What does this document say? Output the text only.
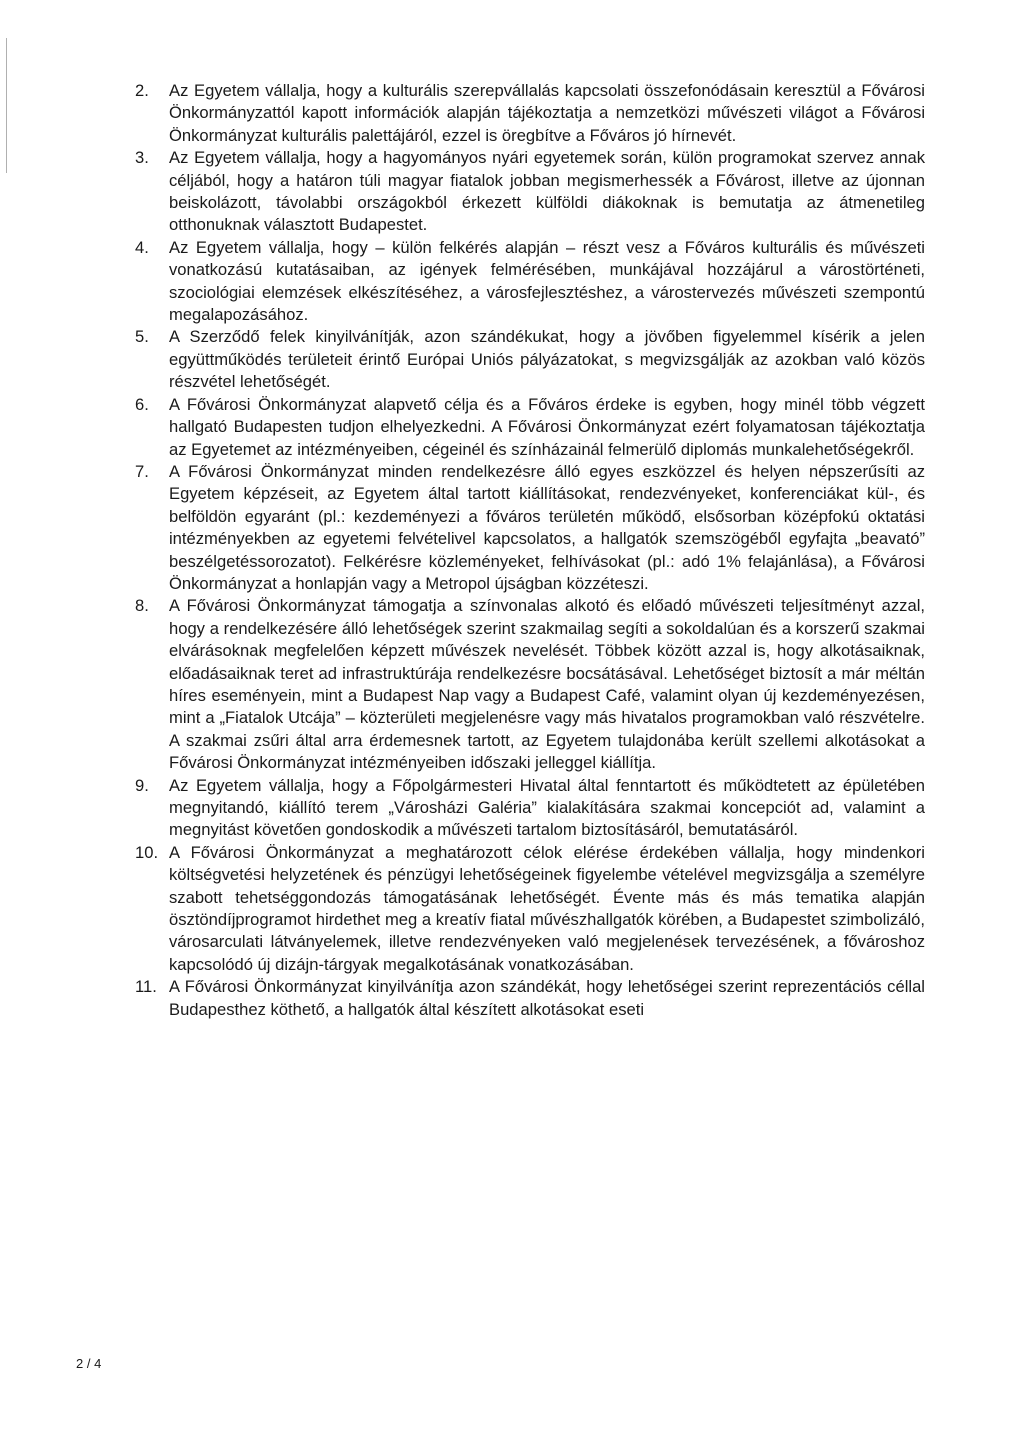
2.	Az Egyetem vállalja, hogy a kulturális szerepvállalás kapcsolati összefonódásain keresztül a Fővárosi Önkormányzattól kapott információk alapján tájékoztatja a nemzetközi művészeti világot a Fővárosi Önkormányzat kulturális palettájáról, ezzel is öregbítve a Főváros jó hírnevét.
3.	Az Egyetem vállalja, hogy a hagyományos nyári egyetemek során, külön programokat szervez annak céljából, hogy a határon túli magyar fiatalok jobban megismerhessék a Fővárost, illetve az újonnan beiskolázott, távolabbi országokból érkezett külföldi diákoknak is bemutatja az átmenetileg otthonuknak választott Budapestet.
4.	Az Egyetem vállalja, hogy – külön felkérés alapján – részt vesz a Főváros kulturális és művészeti vonatkozású kutatásaiban, az igények felmérésében, munkájával hozzájárul a várostörténeti, szociológiai elemzések elkészítéséhez, a városfejlesztéshez, a várostervezés művészeti szempontú megalapozásához.
5.	A Szerződő felek kinyilvánítják, azon szándékukat, hogy a jövőben figyelemmel kísérik a jelen együttműködés területeit érintő Európai Uniós pályázatokat, s megvizsgálják az azokban való közös részvétel lehetőségét.
6.	A Fővárosi Önkormányzat alapvető célja és a Főváros érdeke is egyben, hogy minél több végzett hallgató Budapesten tudjon elhelyezkedni. A Fővárosi Önkormányzat ezért folyamatosan tájékoztatja az Egyetemet az intézményeiben, cégeinél és színházainál felmerülő diplomás munkalehetőségekről.
7.	A Fővárosi Önkormányzat minden rendelkezésre álló egyes eszközzel és helyen népszerűsíti az Egyetem képzéseit, az Egyetem által tartott kiállításokat, rendezvényeket, konferenciákat kül-, és belföldön egyaránt (pl.: kezdeményezi a főváros területén működő, elsősorban középfokú oktatási intézményekben az egyetemi felvételivel kapcsolatos, a hallgatók szemszögéből egyfajta „beavató” beszélgetéssorozatot). Felkérésre közleményeket, felhívásokat (pl.: adó 1% felajánlása), a Fővárosi Önkormányzat a honlapján vagy a Metropol újságban közzéteszi.
8.	A Fővárosi Önkormányzat támogatja a színvonalas alkotó és előadó művészeti teljesítményt azzal, hogy a rendelkezésére álló lehetőségek szerint szakmailag segíti a sokoldalúan és a korszerű szakmai elvárásoknak megfelelően képzett művészek nevelését. Többek között azzal is, hogy alkotásaiknak, előadásaiknak teret ad infrastruktúrája rendelkezésre bocsátásával. Lehetőséget biztosít a már méltán híres eseményein, mint a Budapest Nap vagy a Budapest Café, valamint olyan új kezdeményezésen, mint a „Fiatalok Utcája” – közterületi megjelenésre vagy más hivatalos programokban való részvételre. A szakmai zsűri által arra érdemesnek tartott, az Egyetem tulajdonába került szellemi alkotásokat a Fővárosi Önkormányzat intézményeiben időszaki jelleggel kiállítja.
9.	Az Egyetem vállalja, hogy a Főpolgármesteri Hivatal által fenntartott és működtetett az épületében megnyitandó, kiállító terem „Városházi Galéria” kialakítására szakmai koncepciót ad, valamint a megnyitást követően gondoskodik a művészeti tartalom biztosításáról, bemutatásáról.
10. A Fővárosi Önkormányzat a meghatározott célok elérése érdekében vállalja, hogy mindenkori költségvetési helyzetének és pénzügyi lehetőségeinek figyelembe vételével megvizsgálja a személyre szabott tehetséggondozás támogatásának lehetőségét. Évente más és más tematika alapján ösztöndíjprogramot hirdethet meg a kreatív fiatal művészhallgatók körében, a Budapestet szimbolizáló, városarculati látványelemek, illetve rendezvényeken való megjelenések tervezésének, a fővároshoz kapcsolódó új dizájn-tárgyak megalkotásának vonatkozásában.
11. A Fővárosi Önkormányzat kinyilvánítja azon szándékát, hogy lehetőségei szerint reprezentációs céllal Budapesthez köthető, a hallgatók által készített alkotásokat eseti
2 / 4
